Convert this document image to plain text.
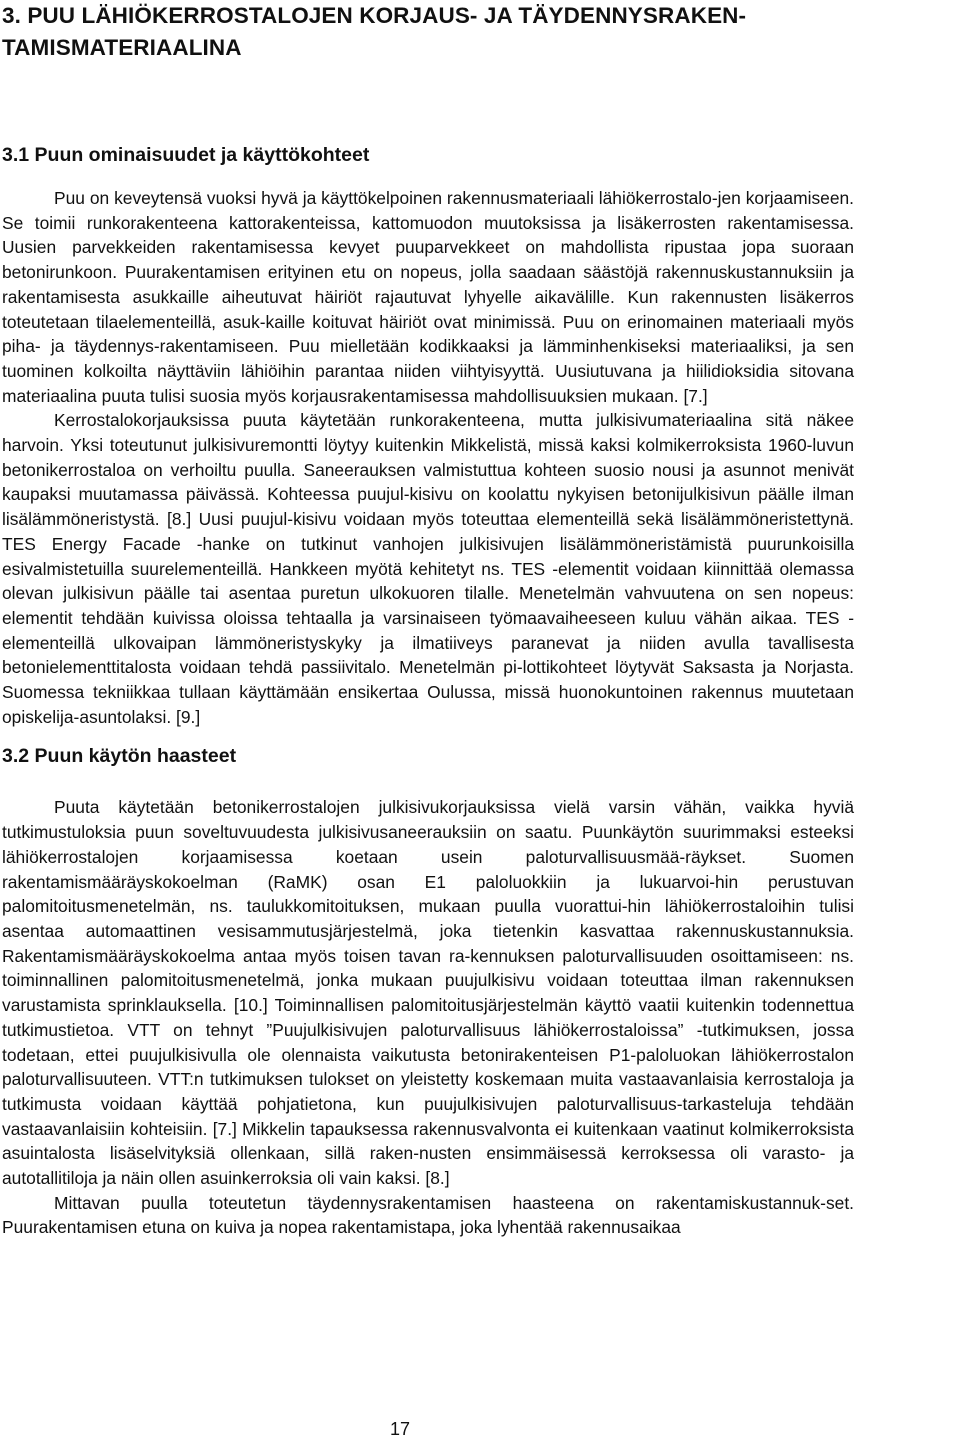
3. PUU LÄHIÖKERROSTALOJEN KORJAUS- JA TÄYDENNYSRAKEN-TAMISMATERIAALINA
3.1 Puun ominaisuudet ja käyttökohteet

Puu on keveytensä vuoksi hyvä ja käyttökelpoinen rakennusmateriaali lähiökerrostalo-jen korjaamiseen. Se toimii runkorakenteena kattorakenteissa, kattomuodon muutoksissa ja lisäkerrosten rakentamisessa. Uusien parvekkeiden rakentamisessa kevyet puuparvekkeet on mahdollista ripustaa jopa suoraan betonirunkoon. Puurakentamisen erityinen etu on nopeus, jolla saadaan säästöjä rakennuskustannuksiin ja rakentamisesta asukkaille aiheutuvat häiriöt rajautuvat lyhyelle aikavälille. Kun rakennusten lisäkerros toteutetaan tilaelementeillä, asuk-kaille koituvat häiriöt ovat minimissä. Puu on erinomainen materiaali myös piha- ja täydennys-rakentamiseen. Puu mielletään kodikkaaksi ja lämminhenkiseksi materiaaliksi, ja sen tuominen kolkoilta näyttäviin lähiöihin parantaa niiden viihtyisyyttä. Uusiutuvana ja hiilidioksidia sitovana materiaalina puuta tulisi suosia myös korjausrakentamisessa mahdollisuuksien mukaan. [7.]

Kerrostalokorjauksissa puuta käytetään runkorakenteena, mutta julkisivumateriaalina sitä näkee harvoin. Yksi toteutunut julkisivuremontti löytyy kuitenkin Mikkelistä, missä kaksi kolmikerroksista 1960-luvun betonikerrostaloa on verhoiltu puulla. Saneerauksen valmistuttua kohteen suosio nousi ja asunnot menivät kaupaksi muutamassa päivässä. Kohteessa puujul-kisivu on koolattu nykyisen betonijulkisivun päälle ilman lisälämmöneristystä. [8.] Uusi puujul-kisivu voidaan myös toteuttaa elementeillä sekä lisälämmöneristettynä. TES Energy Facade -hanke on tutkinut vanhojen julkisivujen lisälämmöneristämistä puurunkoisilla esivalmistetuilla suurelementeillä. Hankkeen myötä kehitetyt ns. TES -elementit voidaan kiinnittää olemassa olevan julkisivun päälle tai asentaa puretun ulkokuoren tilalle. Menetelmän vahvuutena on sen nopeus: elementit tehdään kuivissa oloissa tehtaalla ja varsinaiseen työmaavaiheeseen kuluu vähän aikaa. TES -elementeillä ulkovaipan lämmöneristyskyky ja ilmatiiveys paranevat ja niiden avulla tavallisesta betonielementtitalosta voidaan tehdä passiivitalo. Menetelmän pi-lottikohteet löytyvät Saksasta ja Norjasta. Suomessa tekniikkaa tullaan käyttämään ensikertaa Oulussa, missä huonokuntoinen rakennus muutetaan opiskelija-asuntolaksi. [9.]

3.2 Puun käytön haasteet

Puuta käytetään betonikerrostalojen julkisivukorjauksissa vielä varsin vähän, vaikka hyviä tutkimustuloksia puun soveltuvuudesta julkisivusaneerauksiin on saatu. Puunkäytön suurimmaksi esteeksi lähiökerrostalojen korjaamisessa koetaan usein paloturvallisuusmää-räykset. Suomen rakentamismääräyskokoelman (RaMK) osan E1 paloluokkiin ja lukuarvoi-hin perustuvan palomitoitusmenetelmän, ns. taulukkomitoituksen, mukaan puulla vuorattui-hin lähiökerrostaloihin tulisi asentaa automaattinen vesisammutusjärjestelmä, joka tietenkin kasvattaa rakennuskustannuksia. Rakentamismääräyskokoelma antaa myös toisen tavan ra-kennuksen paloturvallisuuden osoittamiseen: ns. toiminnallinen palomitoitusmenetelmä, jonka mukaan puujulkisivu voidaan toteuttaa ilman rakennuksen varustamista sprinklauksella. [10.] Toiminnallisen palomitoitusjärjestelmän käyttö vaatii kuitenkin todennettua tutkimustietoa. VTT on tehnyt ”Puujulkisivujen paloturvallisuus lähiökerrostaloissa” -tutkimuksen, jossa todetaan, ettei puujulkisivulla ole olennaista vaikutusta betonirakenteisen P1-paloluokan lähiökerrostalon paloturvallisuuteen. VTT:n tutkimuksen tulokset on yleistetty koskemaan muita vastaavanlaisia kerrostaloja ja tutkimusta voidaan käyttää pohjatietona, kun puujulkisivujen paloturvallisuus-tarkasteluja tehdään vastaavanlaisiin kohteisiin. [7.] Mikkelin tapauksessa rakennusvalvonta ei kuitenkaan vaatinut kolmikerroksista asuintalosta lisäselvityksiä ollenkaan, sillä raken-nusten ensimmäisessä kerroksessa oli varasto- ja autotallitiloja ja näin ollen asuinkerroksia oli vain kaksi. [8.]

Mittavan puulla toteutetun täydennysrakentamisen haasteena on rakentamiskustannuk-set. Puurakentamisen etuna on kuiva ja nopea rakentamistapa, joka lyhentää rakennusaikaa

17
